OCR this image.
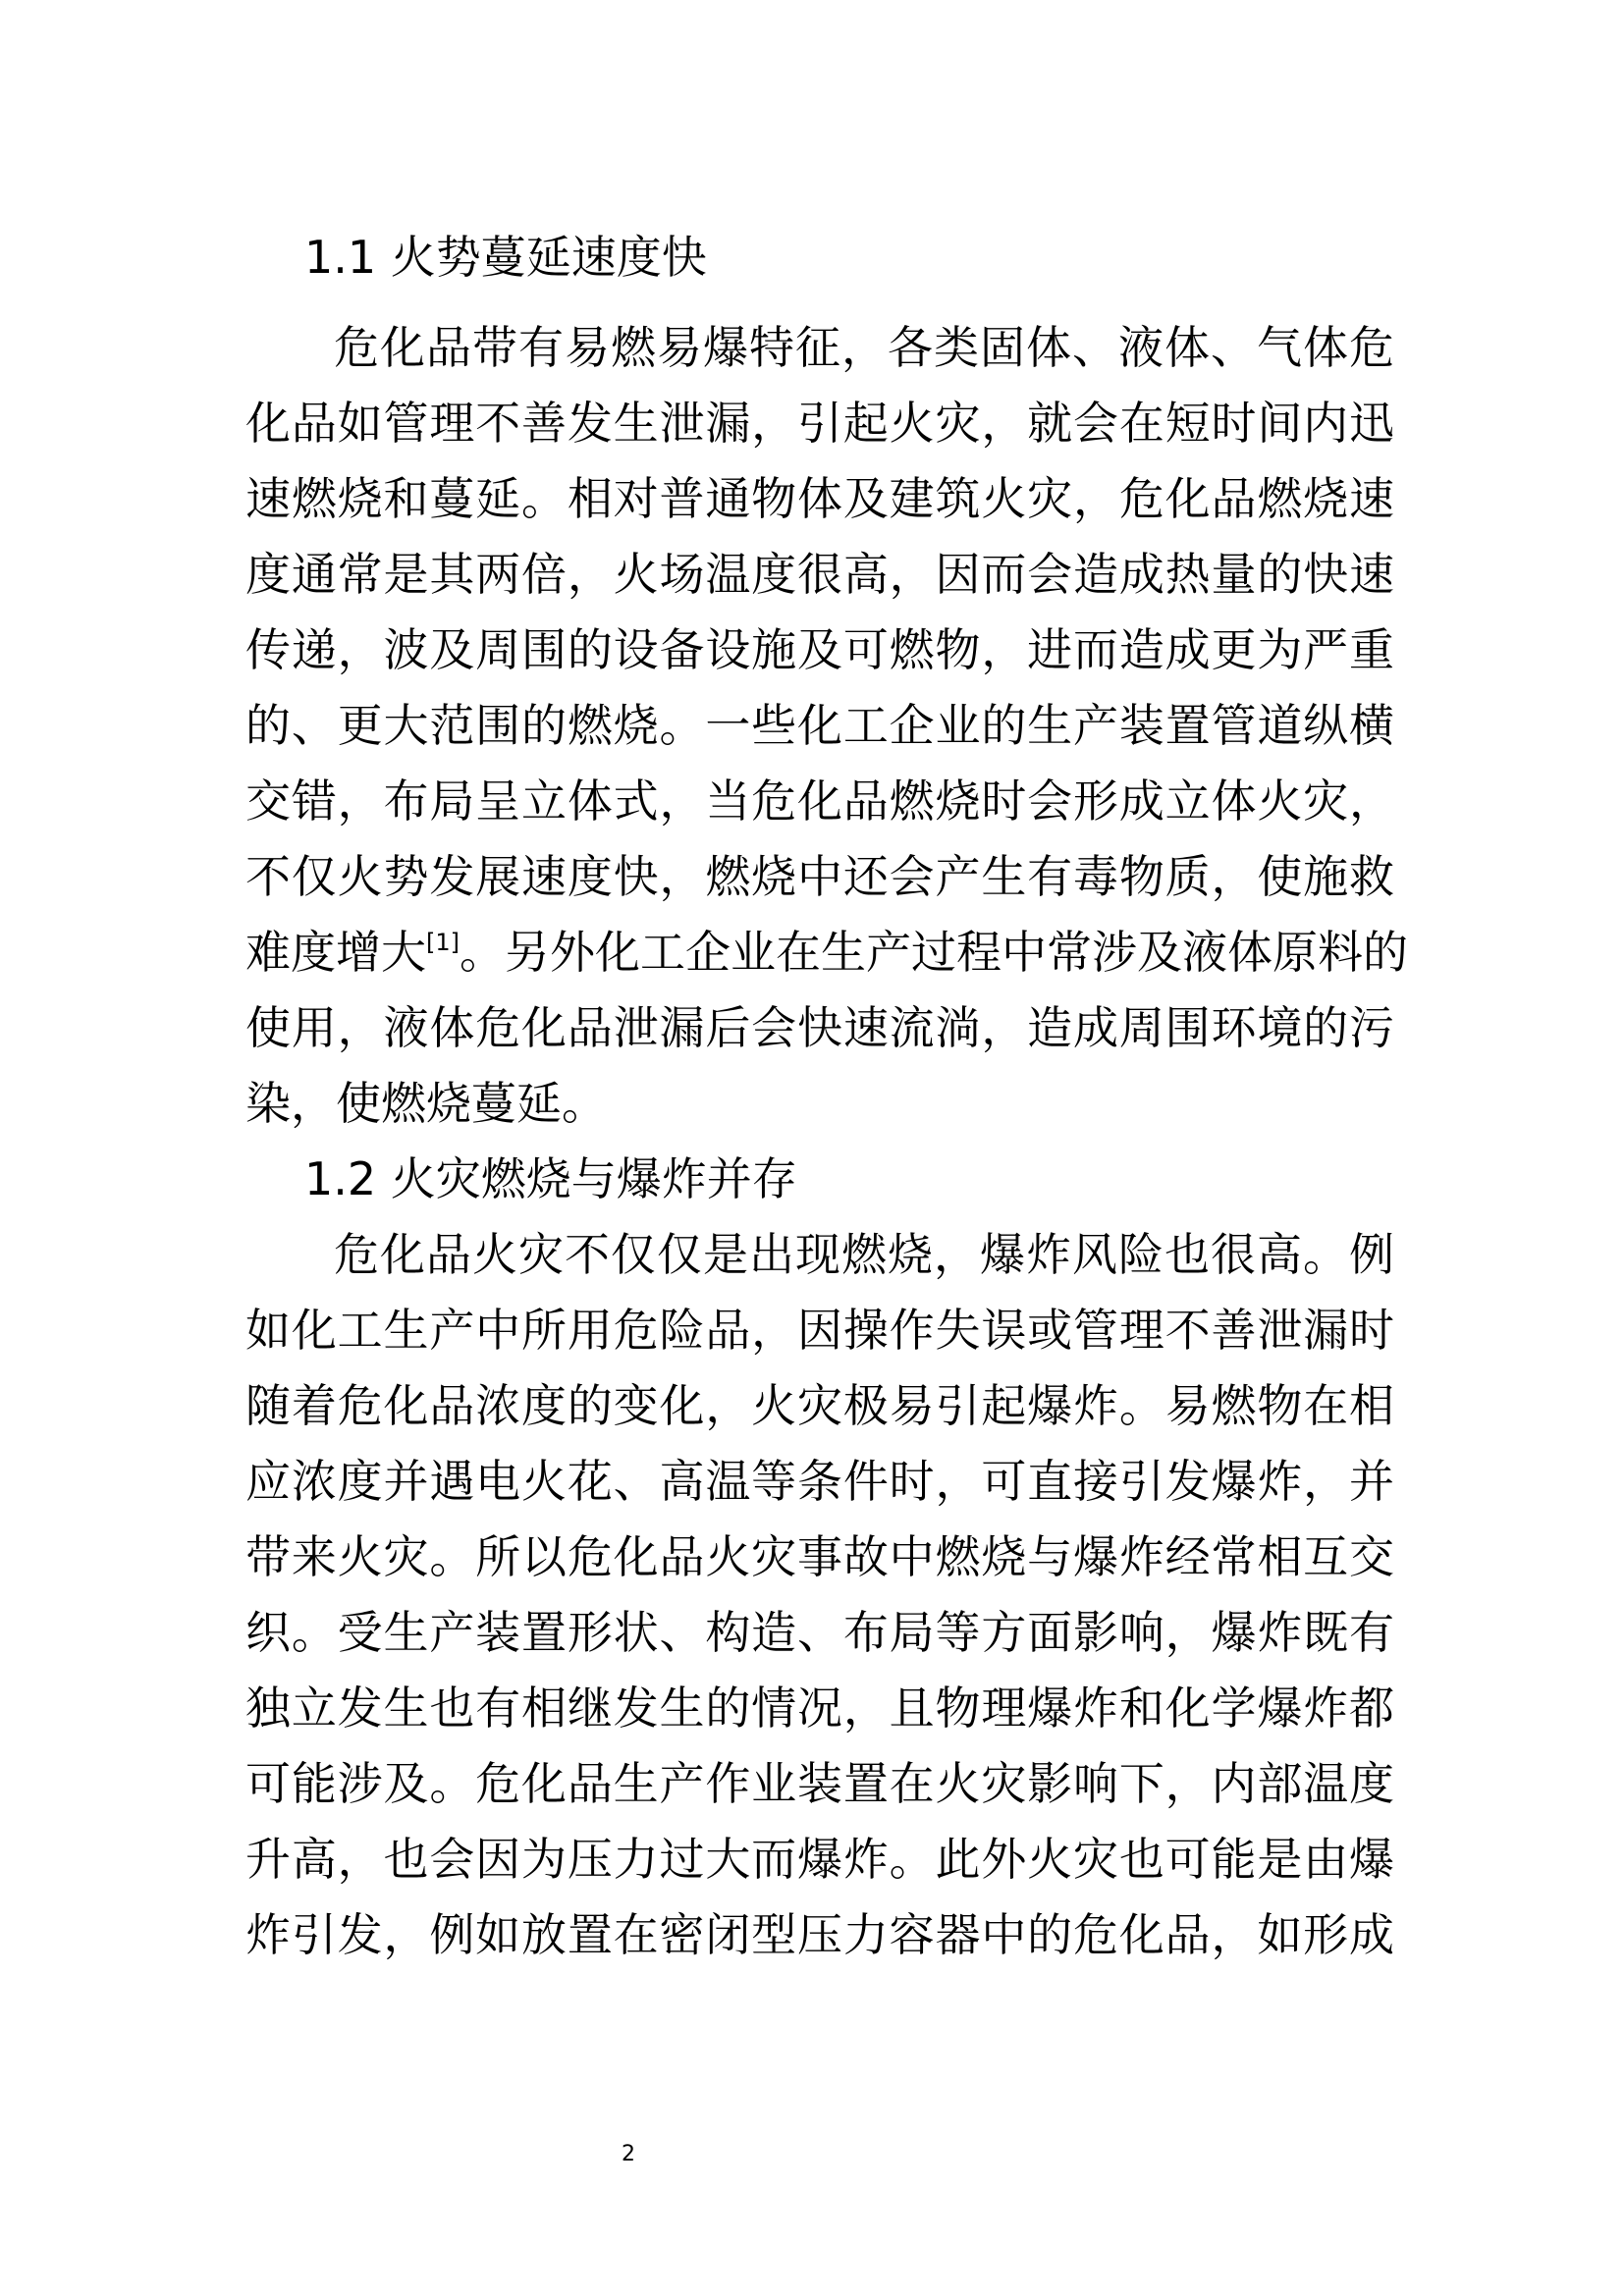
1.1 火势蔓延速度快
危化品带有易燃易爆特征，各类固体、液体、气体危
化品如管理不善发生泄漏，引起火灾，就会在短时间内迅
速燃烧和蔓延。相对普通物体及建筑火灾，危化品燃烧速
度通常是其两倍，火场温度很高，因而会造成热量的快速
传递，波及周围的设备设施及可燃物，进而造成更为严重
的、更大范围的燃烧。一些化工企业的生产装置管道纵横
交错，布局呈立体式，当危化品燃烧时会形成立体火灾，
不仅火势发展速度快，燃烧中还会产生有毒物质，使施救
难度增大[1]。另外化工企业在生产过程中常涉及液体原料的
使用，液体危化品泄漏后会快速流淌，造成周围环境的污
染，使燃烧蔓延。
1.2 火灾燃烧与爆炸并存
危化品火灾不仅仅是出现燃烧，爆炸风险也很高。例
如化工生产中所用危险品，因操作失误或管理不善泄漏时
随着危化品浓度的变化，火灾极易引起爆炸。易燃物在相
应浓度并遇电火花、高温等条件时，可直接引发爆炸，并
带来火灾。所以危化品火灾事故中燃烧与爆炸经常相互交
织。受生产装置形状、构造、布局等方面影响，爆炸既有
独立发生也有相继发生的情况，且物理爆炸和化学爆炸都
可能涉及。危化品生产作业装置在火灾影响下，内部温度
升高，也会因为压力过大而爆炸。此外火灾也可能是由爆
炸引发，例如放置在密闭型压力容器中的危化品，如形成
2
